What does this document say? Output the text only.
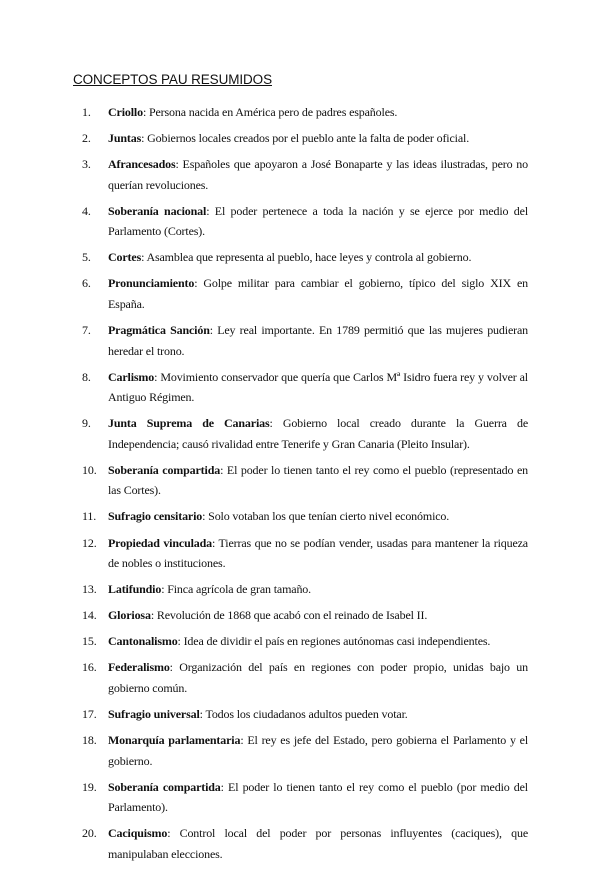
CONCEPTOS PAU RESUMIDOS
1.	Criollo: Persona nacida en América pero de padres españoles.
2.	Juntas: Gobiernos locales creados por el pueblo ante la falta de poder oficial.
3.	Afrancesados: Españoles que apoyaron a José Bonaparte y las ideas ilustradas, pero no querían revoluciones.
4.	Soberanía nacional: El poder pertenece a toda la nación y se ejerce por medio del Parlamento (Cortes).
5.	Cortes: Asamblea que representa al pueblo, hace leyes y controla al gobierno.
6.	Pronunciamiento: Golpe militar para cambiar el gobierno, típico del siglo XIX en España.
7.	Pragmática Sanción: Ley real importante. En 1789 permitió que las mujeres pudieran heredar el trono.
8.	Carlismo: Movimiento conservador que quería que Carlos Mª Isidro fuera rey y volver al Antiguo Régimen.
9.	Junta Suprema de Canarias: Gobierno local creado durante la Guerra de Independencia; causó rivalidad entre Tenerife y Gran Canaria (Pleito Insular).
10. Soberanía compartida: El poder lo tienen tanto el rey como el pueblo (representado en las Cortes).
11. Sufragio censitario: Solo votaban los que tenían cierto nivel económico.
12. Propiedad vinculada: Tierras que no se podían vender, usadas para mantener la riqueza de nobles o instituciones.
13. Latifundio: Finca agrícola de gran tamaño.
14. Gloriosa: Revolución de 1868 que acabó con el reinado de Isabel II.
15. Cantonalismo: Idea de dividir el país en regiones autónomas casi independientes.
16. Federalismo: Organización del país en regiones con poder propio, unidas bajo un gobierno común.
17. Sufragio universal: Todos los ciudadanos adultos pueden votar.
18. Monarquía parlamentaria: El rey es jefe del Estado, pero gobierna el Parlamento y el gobierno.
19. Soberanía compartida: El poder lo tienen tanto el rey como el pueblo (por medio del Parlamento).
20. Caciquismo: Control local del poder por personas influyentes (caciques), que manipulaban elecciones.
